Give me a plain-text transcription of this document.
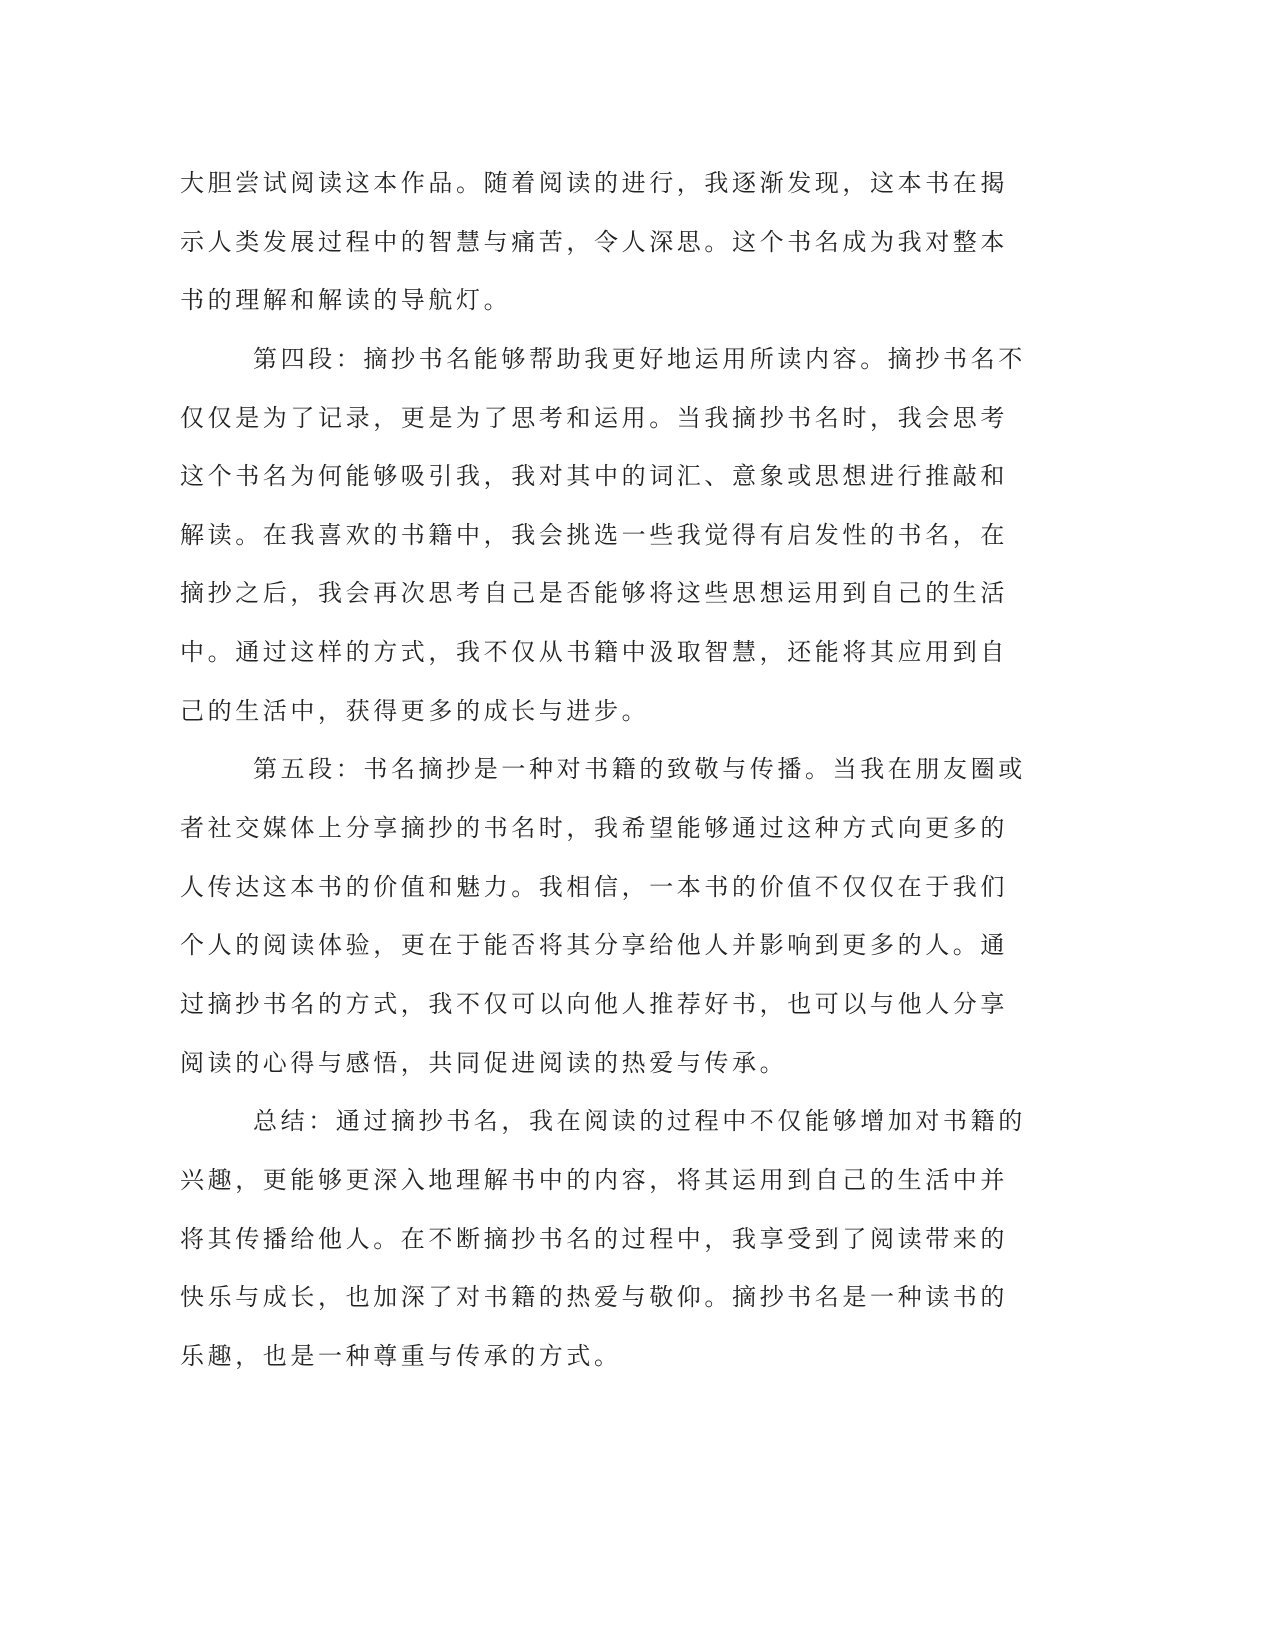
大胆尝试阅读这本作品。随着阅读的进行，我逐渐发现，这本书在揭
示人类发展过程中的智慧与痛苦，令人深思。这个书名成为我对整本
书的理解和解读的导航灯。
第四段：摘抄书名能够帮助我更好地运用所读内容。摘抄书名不
仅仅是为了记录，更是为了思考和运用。当我摘抄书名时，我会思考
这个书名为何能够吸引我，我对其中的词汇、意象或思想进行推敲和
解读。在我喜欢的书籍中，我会挑选一些我觉得有启发性的书名，在
摘抄之后，我会再次思考自己是否能够将这些思想运用到自己的生活
中。通过这样的方式，我不仅从书籍中汲取智慧，还能将其应用到自
己的生活中，获得更多的成长与进步。
第五段：书名摘抄是一种对书籍的致敬与传播。当我在朋友圈或
者社交媒体上分享摘抄的书名时，我希望能够通过这种方式向更多的
人传达这本书的价值和魅力。我相信，一本书的价值不仅仅在于我们
个人的阅读体验，更在于能否将其分享给他人并影响到更多的人。通
过摘抄书名的方式，我不仅可以向他人推荐好书，也可以与他人分享
阅读的心得与感悟，共同促进阅读的热爱与传承。
总结：通过摘抄书名，我在阅读的过程中不仅能够增加对书籍的
兴趣，更能够更深入地理解书中的内容，将其运用到自己的生活中并
将其传播给他人。在不断摘抄书名的过程中，我享受到了阅读带来的
快乐与成长，也加深了对书籍的热爱与敬仰。摘抄书名是一种读书的
乐趣，也是一种尊重与传承的方式。
